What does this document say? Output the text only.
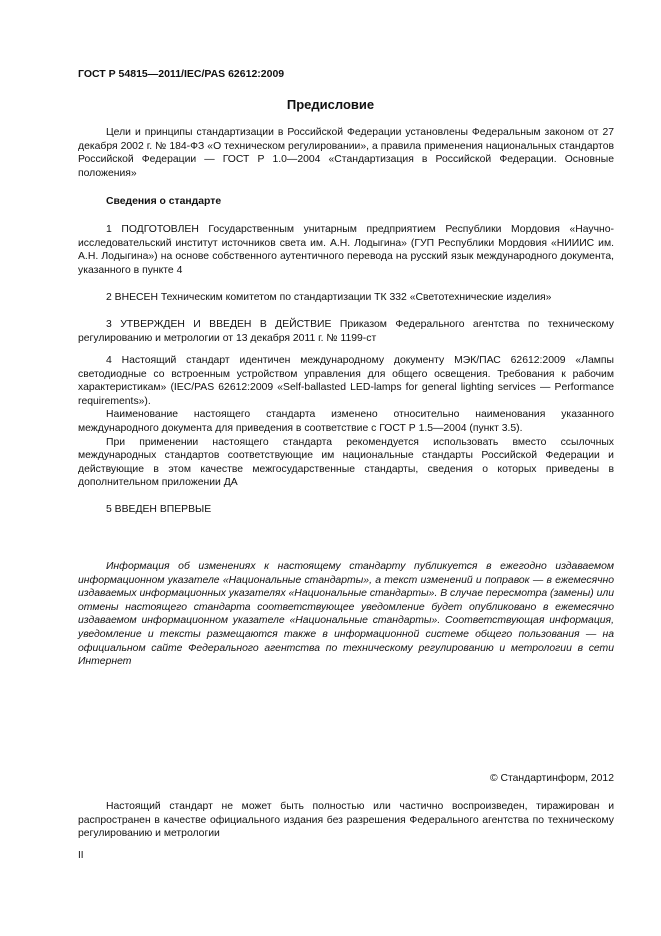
ГОСТ Р 54815—2011/IEC/PAS 62612:2009
Предисловие

Цели и принципы стандартизации в Российской Федерации установлены Федеральным законом от 27 декабря 2002 г. № 184-ФЗ «О техническом регулировании», а правила применения национальных стандартов Российской Федерации — ГОСТ Р 1.0—2004 «Стандартизация в Российской Федерации. Основные положения»

Сведения о стандарте

1 ПОДГОТОВЛЕН Государственным унитарным предприятием Республики Мордовия «Научно-исследовательский институт источников света им. А.Н. Лодыгина» (ГУП Республики Мордовия «НИИИС им. А.Н. Лодыгина») на основе собственного аутентичного перевода на русский язык международного документа, указанного в пункте 4

2 ВНЕСЕН Техническим комитетом по стандартизации ТК 332 «Светотехнические изделия»

3 УТВЕРЖДЕН И ВВЕДЕН В ДЕЙСТВИЕ Приказом Федерального агентства по техническому регулированию и метрологии от 13 декабря 2011 г. № 1199-ст

4 Настоящий стандарт идентичен международному документу МЭК/ПАС 62612:2009 «Лампы светодиодные со встроенным устройством управления для общего освещения. Требования к рабочим характеристикам» (IEC/PAS 62612:2009 «Self-ballasted LED-lamps for general lighting services — Performance requirements»).

Наименование настоящего стандарта изменено относительно наименования указанного международного документа для приведения в соответствие с ГОСТ Р 1.5—2004 (пункт 3.5).

При применении настоящего стандарта рекомендуется использовать вместо ссылочных международных стандартов соответствующие им национальные стандарты Российской Федерации и действующие в этом качестве межгосударственные стандарты, сведения о которых приведены в дополнительном приложении ДА

5 ВВЕДЕН ВПЕРВЫЕ

Информация об изменениях к настоящему стандарту публикуется в ежегодно издаваемом информационном указателе «Национальные стандарты», а текст изменений и поправок — в ежемесячно издаваемых информационных указателях «Национальные стандарты». В случае пересмотра (замены) или отмены настоящего стандарта соответствующее уведомление будет опубликовано в ежемесячно издаваемом информационном указателе «Национальные стандарты». Соответствующая информация, уведомление и тексты размещаются также в информационной системе общего пользования — на официальном сайте Федерального агентства по техническому регулированию и метрологии в сети Интернет

© Стандартинформ, 2012

Настоящий стандарт не может быть полностью или частично воспроизведен, тиражирован и распространен в качестве официального издания без разрешения Федерального агентства по техническому регулированию и метрологии

II
